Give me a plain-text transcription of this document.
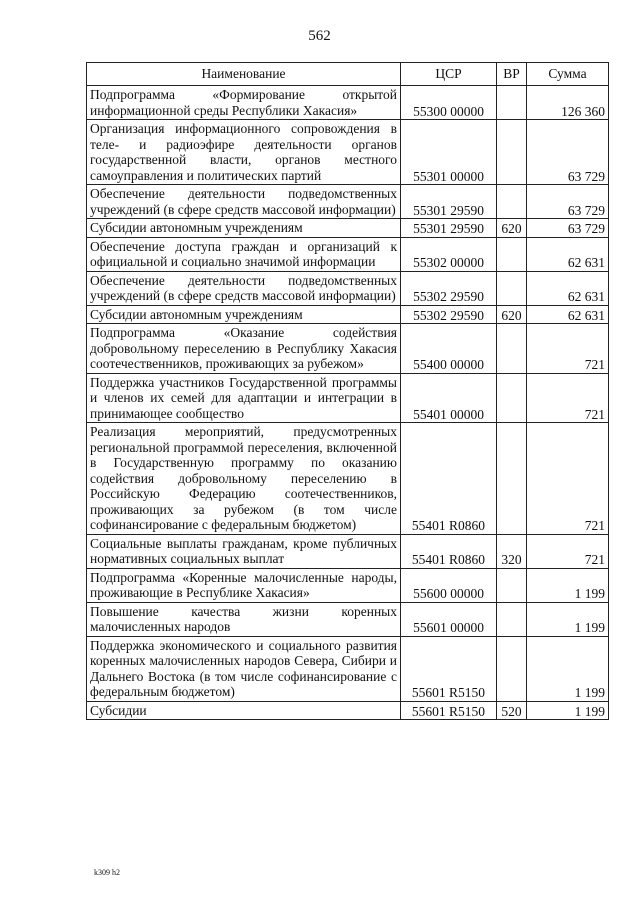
562
Наименование	ЦСР	ВР	Сумма
Подпрограмма «Формирование открытой информационной среды Республики Хакасия»	55300 00000		126 360
Организация информационного сопровождения в теле- и радиоэфире деятельности органов государственной власти, органов местного самоуправления и политических партий	55301 00000		63 729
Обеспечение деятельности подведомственных учреждений (в сфере средств массовой информации)	55301 29590		63 729
Субсидии автономным учреждениям	55301 29590	620	63 729
Обеспечение доступа граждан и организаций к официальной и социально значимой информации	55302 00000		62 631
Обеспечение деятельности подведомственных учреждений (в сфере средств массовой информации)	55302 29590		62 631
Субсидии автономным учреждениям	55302 29590	620	62 631
Подпрограмма «Оказание содействия добровольному переселению в Республику Хакасия соотечественников, проживающих за рубежом»	55400 00000		721
Поддержка участников Государственной программы и членов их семей для адаптации и интеграции в принимающее сообщество	55401 00000		721
Реализация мероприятий, предусмотренных региональной программой переселения, включенной в Государственную программу по оказанию содействия добровольному переселению в Российскую Федерацию соотечественников, проживающих за рубежом (в том числе софинансирование с федеральным бюджетом)	55401 R0860		721
Социальные выплаты гражданам, кроме публичных нормативных социальных выплат	55401 R0860	320	721
Подпрограмма «Коренные малочисленные народы, проживающие в Республике Хакасия»	55600 00000		1 199
Повышение качества жизни коренных малочисленных народов	55601 00000		1 199
Поддержка экономического и социального развития коренных малочисленных народов Севера, Сибири и Дальнего Востока (в том числе софинансирование с федеральным бюджетом)	55601 R5150		1 199
Субсидии	55601 R5150	520	1 199
k309 h2
